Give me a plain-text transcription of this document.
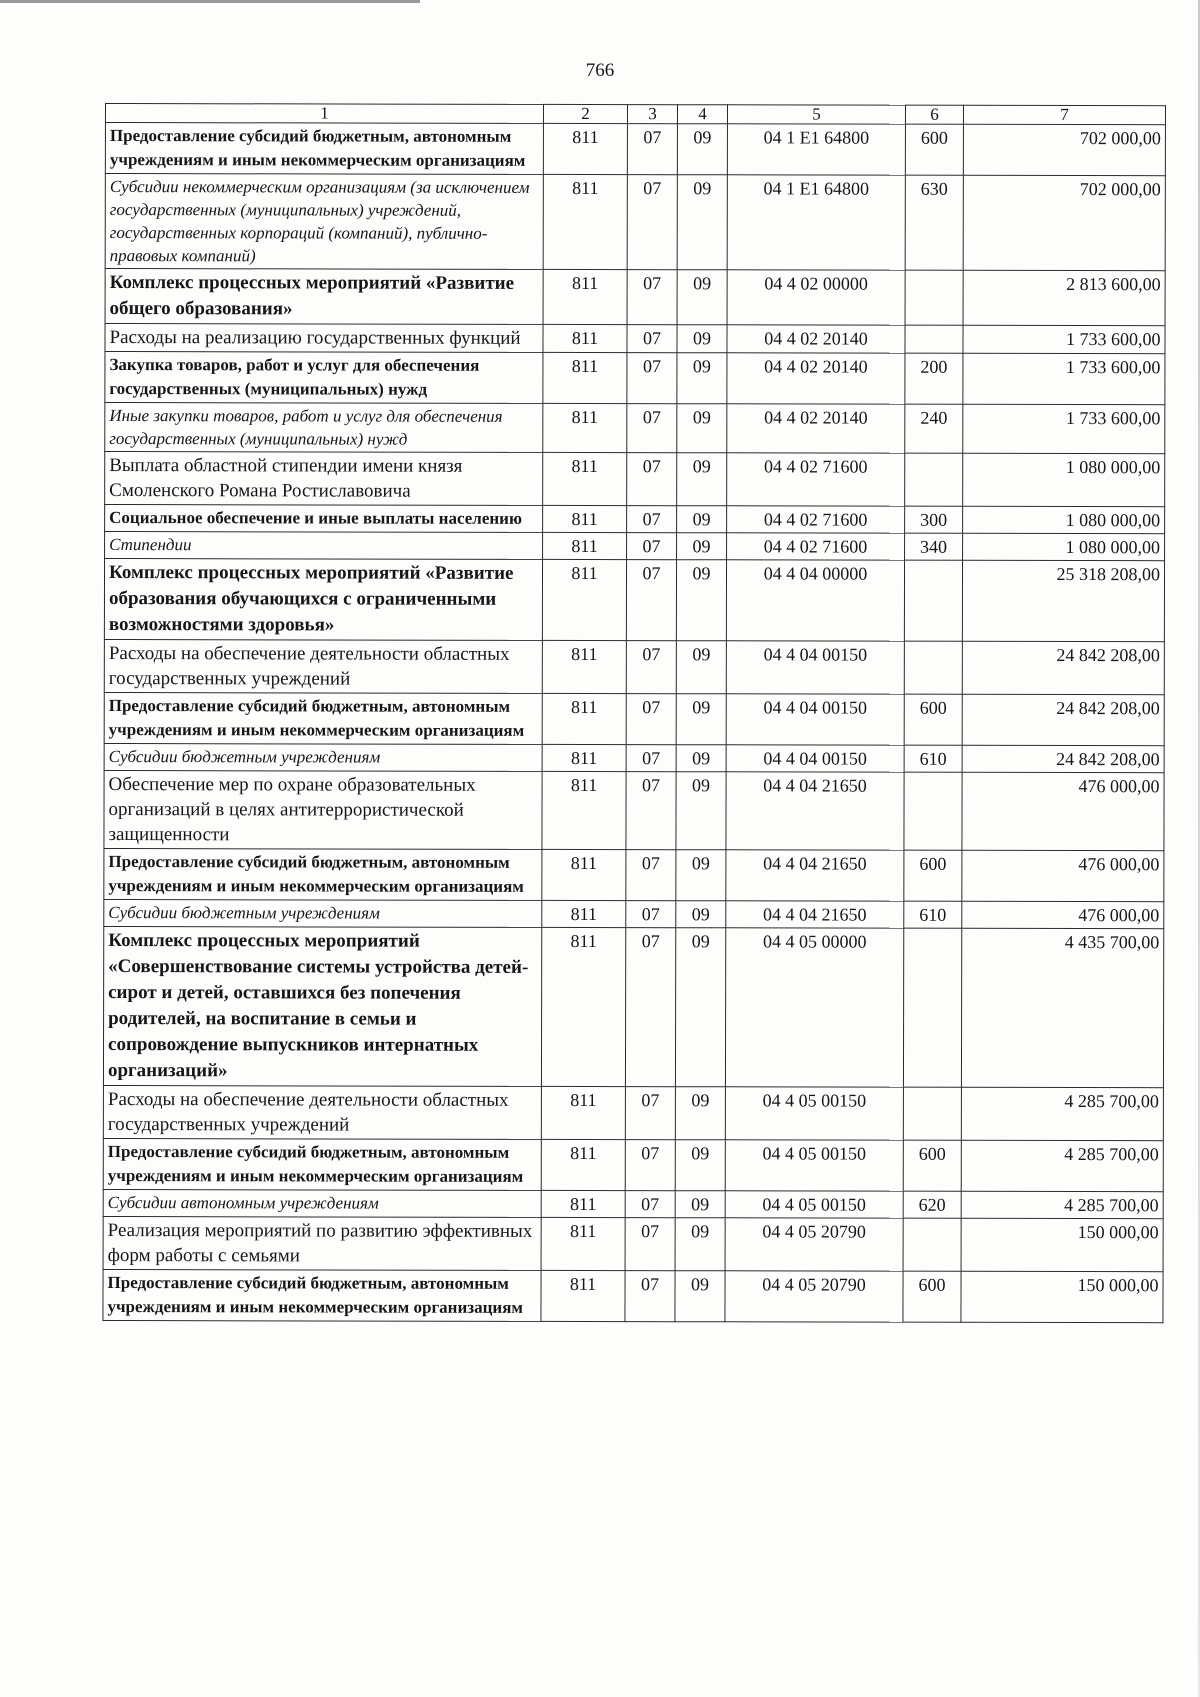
766
1	2	3	4	5	6	7
Предоставление субсидий бюджетным, автономным учреждениям и иным некоммерческим организациям	811	07	09	04 1 E1 64800	600	702 000,00
Субсидии некоммерческим организациям (за исключением государственных (муниципальных) учреждений, государственных корпораций (компаний), публично-правовых компаний)	811	07	09	04 1 E1 64800	630	702 000,00
Комплекс процессных мероприятий «Развитие общего образования»	811	07	09	04 4 02 00000		2 813 600,00
Расходы на реализацию государственных функций	811	07	09	04 4 02 20140		1 733 600,00
Закупка товаров, работ и услуг для обеспечения государственных (муниципальных) нужд	811	07	09	04 4 02 20140	200	1 733 600,00
Иные закупки товаров, работ и услуг для обеспечения государственных (муниципальных) нужд	811	07	09	04 4 02 20140	240	1 733 600,00
Выплата областной стипендии имени князя Смоленского Романа Ростиславовича	811	07	09	04 4 02 71600		1 080 000,00
Социальное обеспечение и иные выплаты населению	811	07	09	04 4 02 71600	300	1 080 000,00
Стипендии	811	07	09	04 4 02 71600	340	1 080 000,00
Комплекс процессных мероприятий «Развитие образования обучающихся с ограниченными возможностями здоровья»	811	07	09	04 4 04 00000		25 318 208,00
Расходы на обеспечение деятельности областных государственных учреждений	811	07	09	04 4 04 00150		24 842 208,00
Предоставление субсидий бюджетным, автономным учреждениям и иным некоммерческим организациям	811	07	09	04 4 04 00150	600	24 842 208,00
Субсидии бюджетным учреждениям	811	07	09	04 4 04 00150	610	24 842 208,00
Обеспечение мер по охране образовательных организаций в целях антитеррористической защищенности	811	07	09	04 4 04 21650		476 000,00
Предоставление субсидий бюджетным, автономным учреждениям и иным некоммерческим организациям	811	07	09	04 4 04 21650	600	476 000,00
Субсидии бюджетным учреждениям	811	07	09	04 4 04 21650	610	476 000,00
Комплекс процессных мероприятий «Совершенствование системы устройства детей-сирот и детей, оставшихся без попечения родителей, на воспитание в семьи и сопровождение выпускников интернатных организаций»	811	07	09	04 4 05 00000		4 435 700,00
Расходы на обеспечение деятельности областных государственных учреждений	811	07	09	04 4 05 00150		4 285 700,00
Предоставление субсидий бюджетным, автономным учреждениям и иным некоммерческим организациям	811	07	09	04 4 05 00150	600	4 285 700,00
Субсидии автономным учреждениям	811	07	09	04 4 05 00150	620	4 285 700,00
Реализация мероприятий по развитию эффективных форм работы с семьями	811	07	09	04 4 05 20790		150 000,00
Предоставление субсидий бюджетным, автономным учреждениям и иным некоммерческим организациям	811	07	09	04 4 05 20790	600	150 000,00
